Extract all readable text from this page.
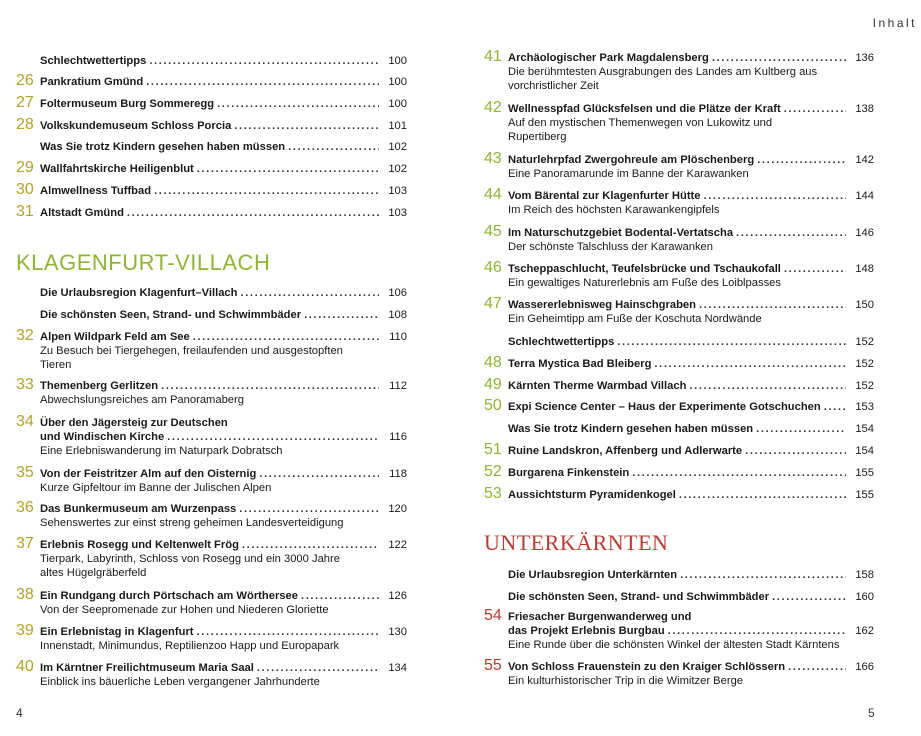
Inhalt
Schlechtwettertipps .....	100
26 Pankratium Gmünd .....	100
27 Foltermuseum Burg Sommeregg .....	100
28 Volkskundemuseum Schloss Porcia .....	101
Was Sie trotz Kindern gesehen haben müssen .....	102
29 Wallfahrtskirche Heiligenblut .....	102
30 Almwellness Tuffbad .....	103
31 Altstadt Gmünd .....	103
KLAGENFURT-VILLACH
Die Urlaubsregion Klagenfurt–Villach .....	106
Die schönsten Seen, Strand- und Schwimmbäder .....	108
32 Alpen Wildpark Feld am See .....	110
Zu Besuch bei Tiergehegen, freilaufenden und ausgestopften
Tieren
33 Themenberg Gerlitzen .....	112
Abwechslungsreiches am Panoramaberg
34 Über den Jägersteig zur Deutschen
und Windischen Kirche .....	116
Eine Erlebniswanderung im Naturpark Dobratsch
35 Von der Feistritzer Alm auf den Oisternig .....	118
Kurze Gipfeltour im Banne der Julischen Alpen
36 Das Bunkermuseum am Wurzenpass .....	120
Sehenswertes zur einst streng geheimen Landesverteidigung
37 Erlebnis Rosegg und Keltenwelt Frög .....	122
Tierpark, Labyrinth, Schloss von Rosegg und ein 3000 Jahre
altes Hügelgräberfeld
38 Ein Rundgang durch Pörtschach am Wörthersee .....	126
Von der Seepromenade zur Hohen und Niederen Gloriette
39 Ein Erlebnistag in Klagenfurt .....	130
Innenstadt, Minimundus, Reptilienzoo Happ und Europapark
40 Im Kärntner Freilichtmuseum Maria Saal .....	134
Einblick ins bäuerliche Leben vergangener Jahrhunderte
41 Archäologischer Park Magdalensberg .....	136
Die berühmtesten Ausgrabungen des Landes am Kultberg aus
vorchristlicher Zeit
42 Wellnesspfad Glücksfelsen und die Plätze der Kraft .....	138
Auf den mystischen Themenwegen von Lukowitz und
Rupertiberg
43 Naturlehrpfad Zwergohreule am Plöschenberg .....	142
Eine Panoramarunde im Banne der Karawanken
44 Vom Bärental zur Klagenfurter Hütte .....	144
Im Reich des höchsten Karawankengipfels
45 Im Naturschutzgebiet Bodental-Vertatscha .....	146
Der schönste Talschluss der Karawanken
46 Tscheppaschlucht, Teufelsbrücke und Tschaukofall .....	148
Ein gewaltiges Naturerlebnis am Fuße des Loiblpasses
47 Wassererlebnisweg Hainschgraben .....	150
Ein Geheimtipp am Fuße der Koschuta Nordwände
Schlechtwettertipps .....	152
48 Terra Mystica Bad Bleiberg .....	152
49 Kärnten Therme Warmbad Villach .....	152
50 Expi Science Center – Haus der Experimente Gotschuchen .....	153
Was Sie trotz Kindern gesehen haben müssen .....	154
51 Ruine Landskron, Affenberg und Adlerwarte .....	154
52 Burgarena Finkenstein .....	155
53 Aussichtsturm Pyramidenkogel .....	155
UNTERKÄRNTEN
Die Urlaubsregion Unterkärnten .....	158
Die schönsten Seen, Strand- und Schwimmbäder .....	160
54 Friesacher Burgenwanderweg und
das Projekt Erlebnis Burgbau .....	162
Eine Runde über die schönsten Winkel der ältesten Stadt Kärntens
55 Von Schloss Frauenstein zu den Kraiger Schlössern .....	166
Ein kulturhistorischer Trip in die Wimitzer Berge
4	5
